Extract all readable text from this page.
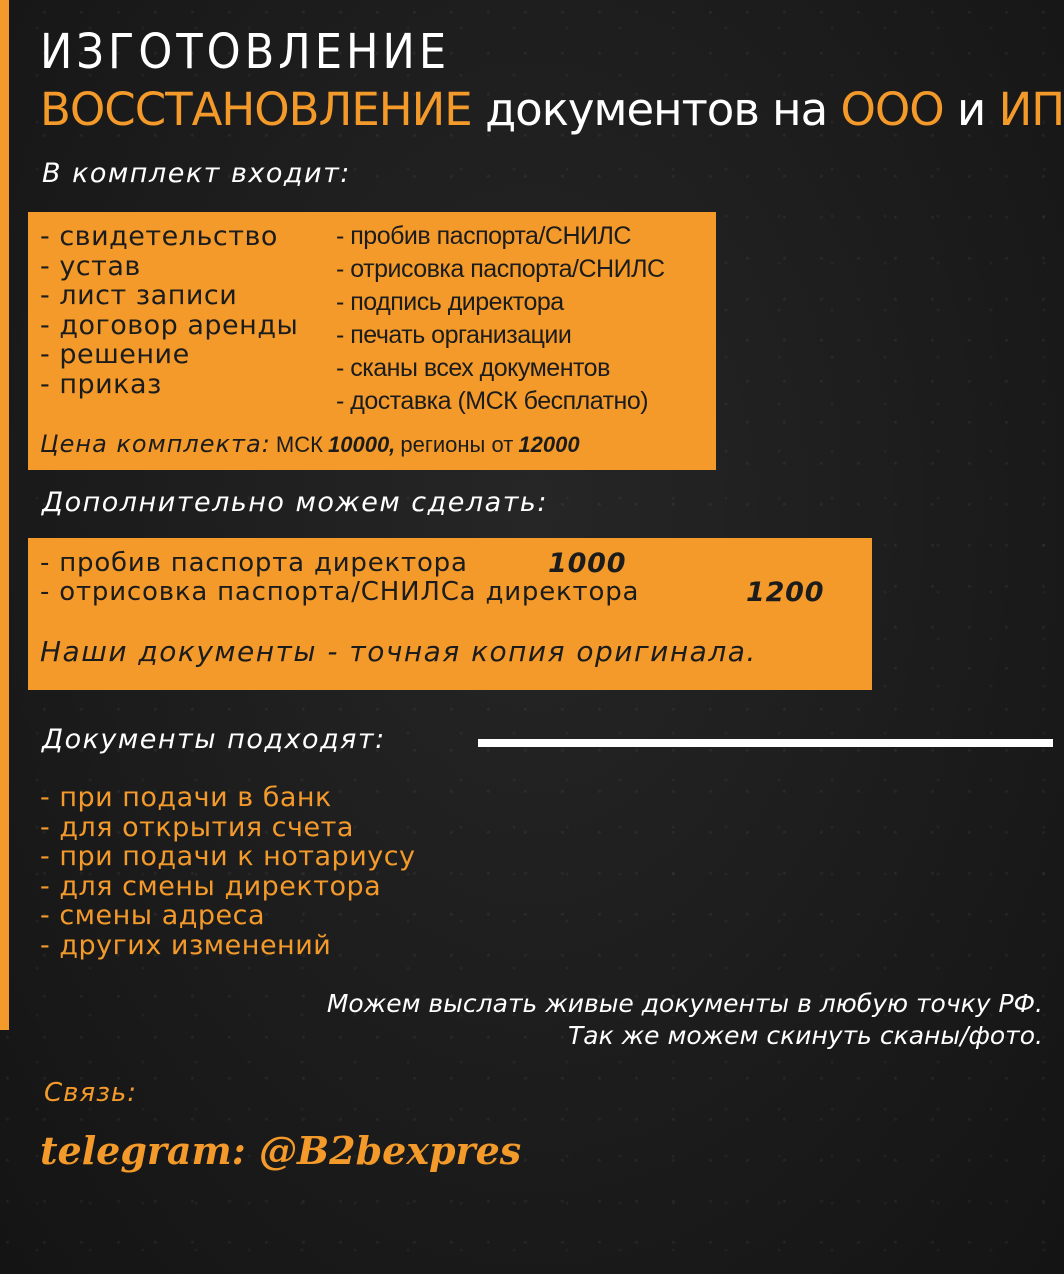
ИЗГОТОВЛЕНИЕ
ВОССТАНОВЛЕНИЕ документов на ООО и ИП
В комплект входит:
- свидетельство
- устав
- лист записи
- договор аренды
- решение
- приказ
- пробив паспорта/СНИЛС
- отрисовка паспорта/СНИЛС
- подпись директора
- печать организации
- сканы всех документов
- доставка (МСК бесплатно)
Цена комплекта: МСК 10000, регионы от 12000
Дополнительно можем сделать:
- пробив паспорта директора	1000
- отрисовка паспорта/СНИЛСа директора	1200
Наши документы - точная копия оригинала.
Документы подходят:
- при подачи в банк
- для открытия счета
- при подачи к нотариусу
- для смены директора
- смены адреса
- других изменений
Можем выслать живые документы в любую точку РФ.
Так же можем скинуть сканы/фото.
Связь:
telegram: @B2bexpres
